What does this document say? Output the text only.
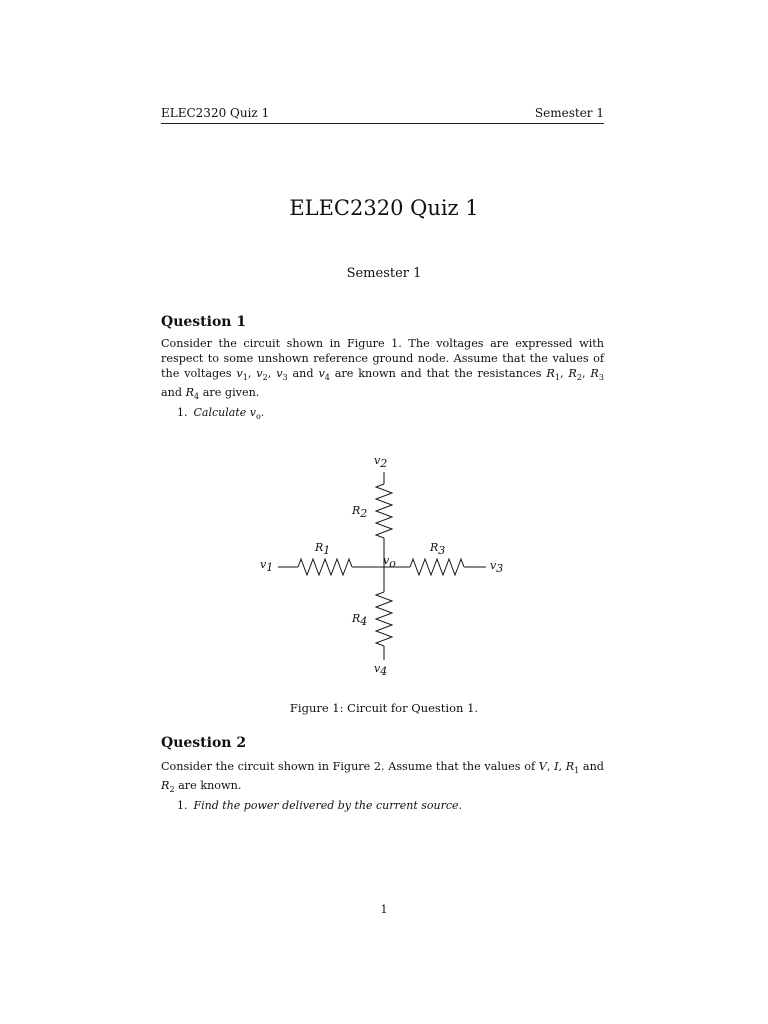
ELEC2320 Quiz 1	Semester 1
ELEC2320 Quiz 1
Semester 1
Question 1
Consider the circuit shown in Figure 1. The voltages are expressed with respect to some unshown reference ground node. Assume that the values of the voltages $v_1$, $v_2$, $v_3$ and $v_4$ are known and that the resistances $R_1$, $R_2$, $R_3$ and $R_4$ are given.
1. Calculate $v_o$.
v2
R2
R1	R3
v1
vo	v3
R4
v4
Figure 1: Circuit for Question 1.
Question 2
Consider the circuit shown in Figure 2. Assume that the values of V, I, $R_1$ and $R_2$ are known.
1. Find the power delivered by the current source.
1
